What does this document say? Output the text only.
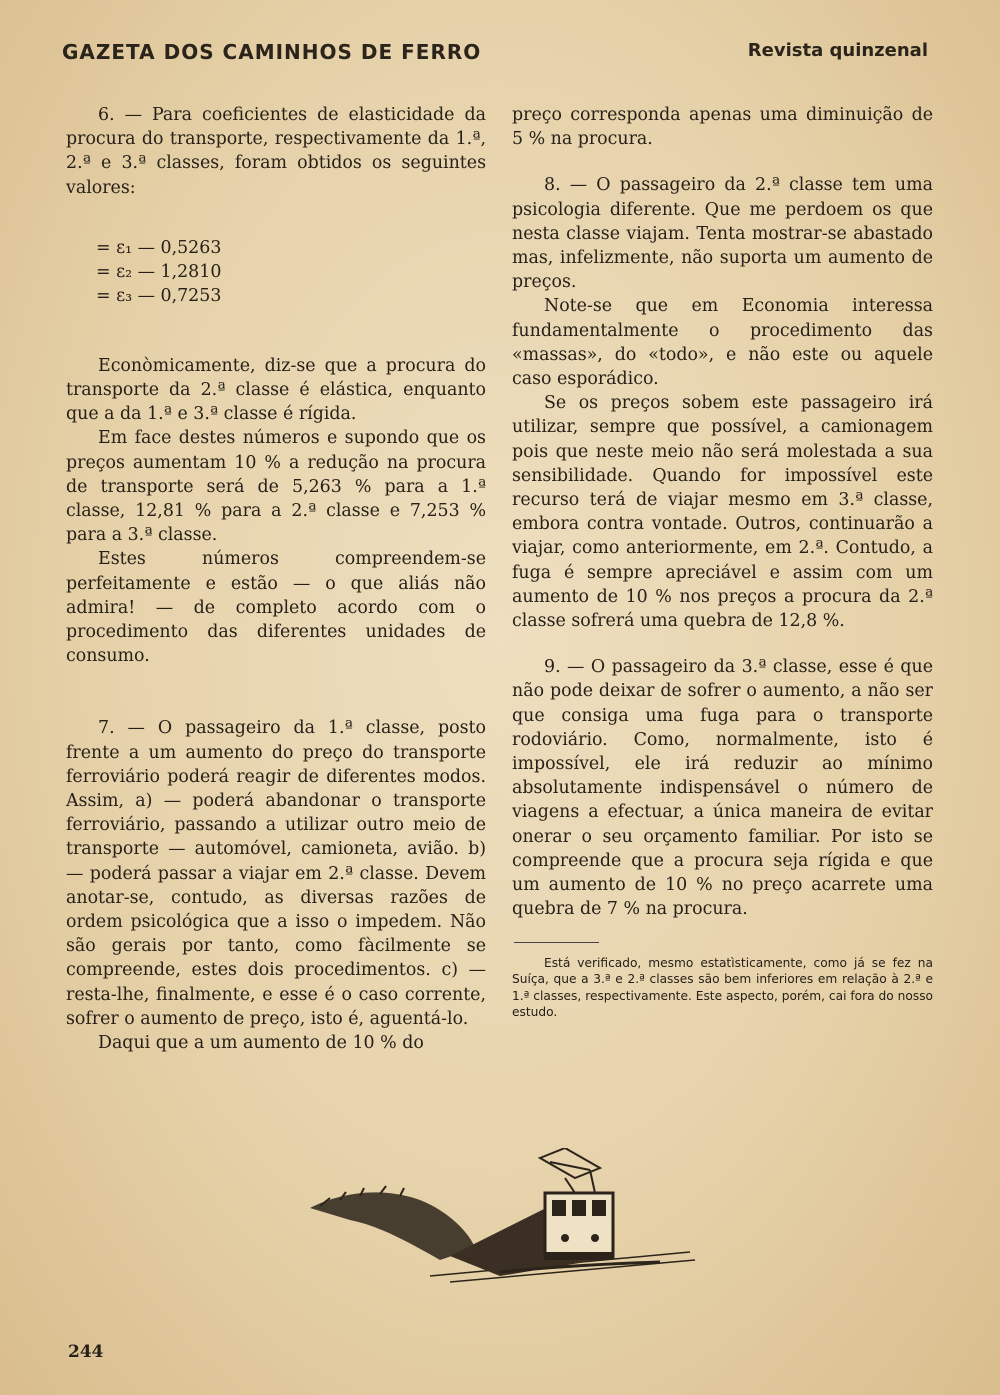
GAZETA DOS CAMINHOS DE FERRO	Revista quinzenal

6. — Para coeficientes de elasticidade da procura do transporte, respectivamente da 1.ª, 2.ª e 3.ª classes, foram obtidos os seguintes valores:

= ε₁ — 0,5263
= ε₂ — 1,2810
= ε₃ — 0,7253

Econòmicamente, diz-se que a procura do transporte da 2.ª classe é elástica, enquanto que a da 1.ª e 3.ª classe é rígida.

Em face destes números e supondo que os preços aumentam 10 % a redução na procura de transporte será de 5,263 % para a 1.ª classe, 12,81 % para a 2.ª classe e 7,253 % para a 3.ª classe.

Estes números compreendem-se perfeitamente e estão — o que aliás não admira! — de completo acordo com o procedimento das diferentes unidades de consumo.

7. — O passageiro da 1.ª classe, posto frente a um aumento do preço do transporte ferroviário poderá reagir de diferentes modos. Assim, a) — poderá abandonar o transporte ferroviário, passando a utilizar outro meio de transporte — automóvel, camioneta, avião. b) — poderá passar a viajar em 2.ª classe. Devem anotar-se, contudo, as diversas razões de ordem psicológica que a isso o impedem. Não são gerais por tanto, como fàcilmente se compreende, estes dois procedimentos. c) — resta-lhe, finalmente, e esse é o caso corrente, sofrer o aumento de preço, isto é, aguentá-lo.

Daqui que a um aumento de 10 % do

preço corresponda apenas uma diminuição de 5 % na procura.

8. — O passageiro da 2.ª classe tem uma psicologia diferente. Que me perdoem os que nesta classe viajam. Tenta mostrar-se abastado mas, infelizmente, não suporta um aumento de preços.

Note-se que em Economia interessa fundamentalmente o procedimento das «massas», do «todo», e não este ou aquele caso esporádico.

Se os preços sobem este passageiro irá utilizar, sempre que possível, a camionagem pois que neste meio não será molestada a sua sensibilidade. Quando for impossível este recurso terá de viajar mesmo em 3.ª classe, embora contra vontade. Outros, continuarão a viajar, como anteriormente, em 2.ª. Contudo, a fuga é sempre apreciável e assim com um aumento de 10 % nos preços a procura da 2.ª classe sofrerá uma quebra de 12,8 %.

9. — O passageiro da 3.ª classe, esse é que não pode deixar de sofrer o aumento, a não ser que consiga uma fuga para o transporte rodoviário. Como, normalmente, isto é impossível, ele irá reduzir ao mínimo absolutamente indispensável o número de viagens a efectuar, a única maneira de evitar onerar o seu orçamento familiar. Por isto se compreende que a procura seja rígida e que um aumento de 10 % no preço acarrete uma quebra de 7 % na procura.

Está verificado, mesmo estatìsticamente, como já se fez na Suíça, que a 3.ª e 2.ª classes são bem inferiores em relação à 2.ª e 1.ª classes, respectivamente. Este aspecto, porém, cai fora do nosso estudo.

244
